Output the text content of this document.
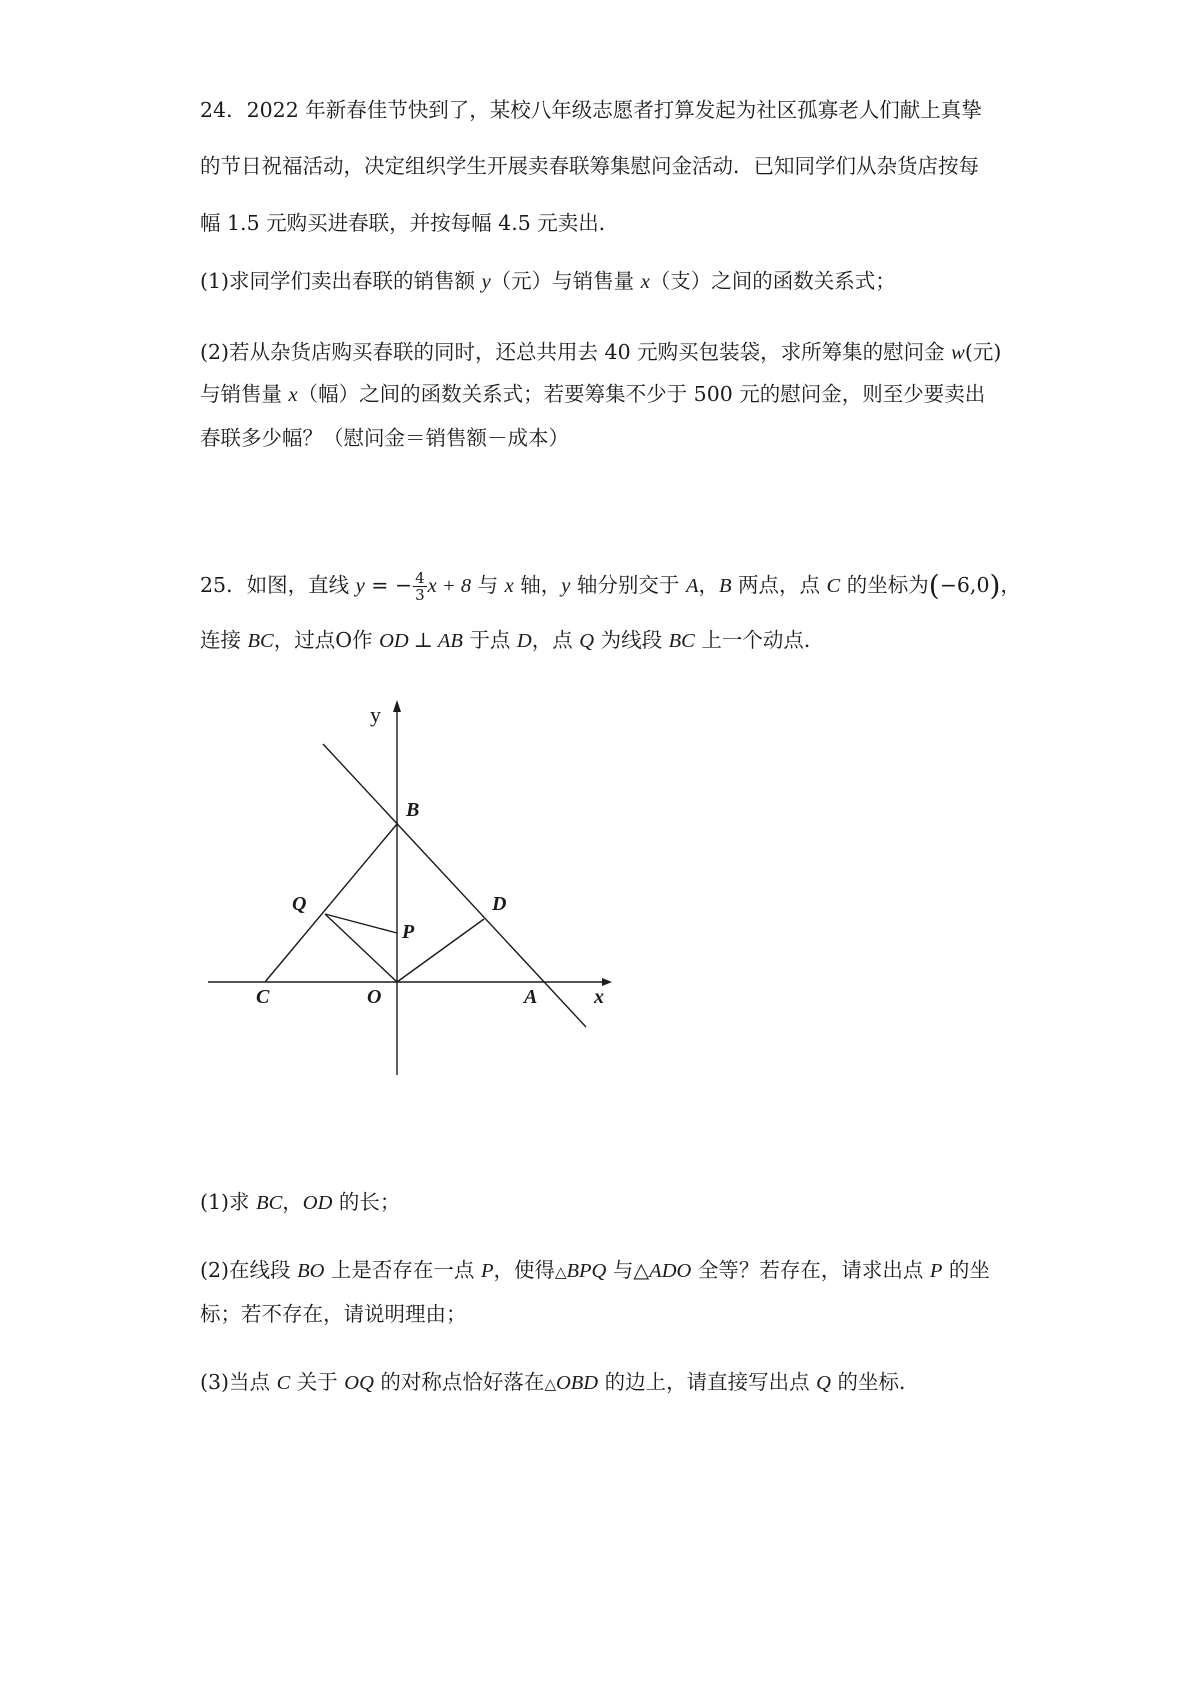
24．2022 年新春佳节快到了，某校八年级志愿者打算发起为社区孤寡老人们献上真挚
的节日祝福活动，决定组织学生开展卖春联筹集慰问金活动．已知同学们从杂货店按每
幅 1.5 元购买进春联，并按每幅 4.5 元卖出．
(1)求同学们卖出春联的销售额 y（元）与销售量 x（支）之间的函数关系式；
(2)若从杂货店购买春联的同时，还总共用去 40 元购买包装袋，求所筹集的慰问金 w(元)
与销售量 x（幅）之间的函数关系式；若要筹集不少于 500 元的慰问金，则至少要卖出
春联多少幅？（慰问金＝销售额－成本）
25．如图，直线 y = − $\frac{4}{3}$ x + 8 与 x 轴，y 轴分别交于 A，B 两点，点 C 的坐标为(−6,0)，
连接 BC，过点O作 OD ⊥ AB 于点 D，点 Q 为线段 BC 上一个动点．
y
B
Q	D
P
C	O	A	x
(1)求 BC，OD 的长；
(2)在线段 BO 上是否存在一点 P，使得△BPQ 与△ADO 全等？若存在，请求出点 P 的坐
标；若不存在，请说明理由；
(3)当点 C 关于 OQ 的对称点恰好落在△OBD 的边上，请直接写出点 Q 的坐标．
